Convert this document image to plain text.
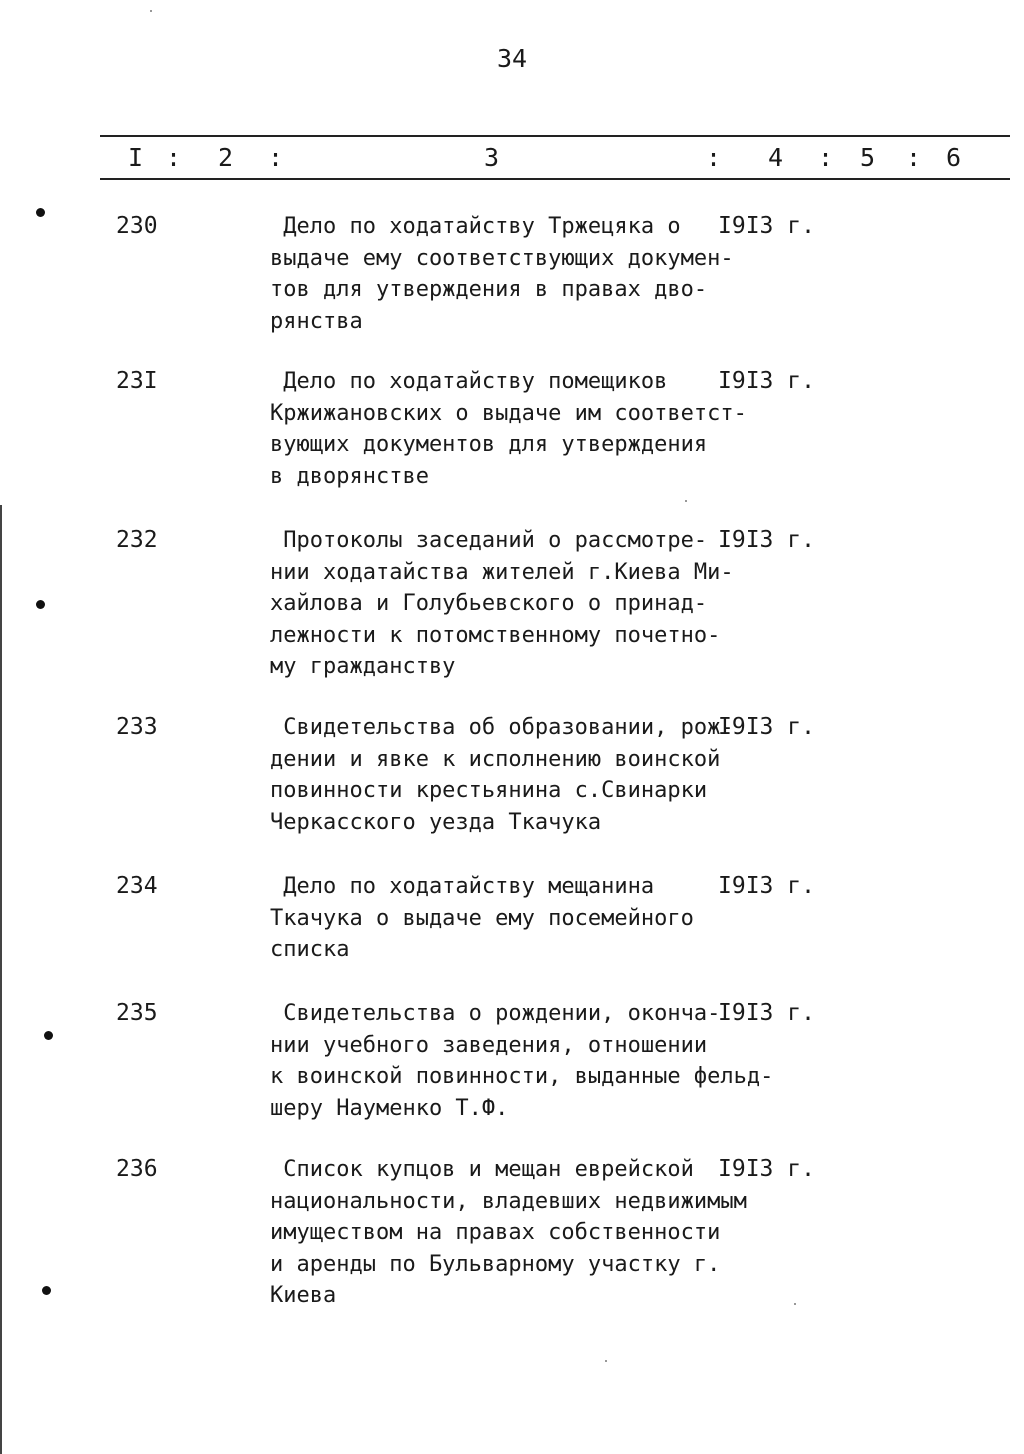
34
I : 2 :	3	: 4 : 5 : 6
230	Дело по ходатайству Тржецяка о
выдаче ему соответствующих докумен-
тов для утверждения в правах дво-
рянства
I9I3 г.
23I	Дело по ходатайству помещиков
Кржижановских о выдаче им соответст-
вующих документов для утверждения
в дворянстве
I9I3 г.
232	Протоколы заседаний о рассмотре-
нии ходатайства жителей г.Киева Ми-
хайлова и Голубьевского о принад-
лежности к потомственному почетно-
му гражданству
I9I3 г.
233	Свидетельства об образовании, рож-
дении и явке к исполнению воинской
повинности крестьянина с.Свинарки
Черкасского уезда Ткачука
I9I3 г.
234	Дело по ходатайству мещанина
Ткачука о выдаче ему посемейного
списка
I9I3 г.
235	Свидетельства о рождении, оконча-
нии учебного заведения, отношении
к воинской повинности, выданные фельд-
шеру Науменко Т.Ф.
I9I3 г.
236	Список купцов и мещан еврейской
национальности, владевших недвижимым
имуществом на правах собственности
и аренды по Бульварному участку г.
Киева
I9I3 г.
